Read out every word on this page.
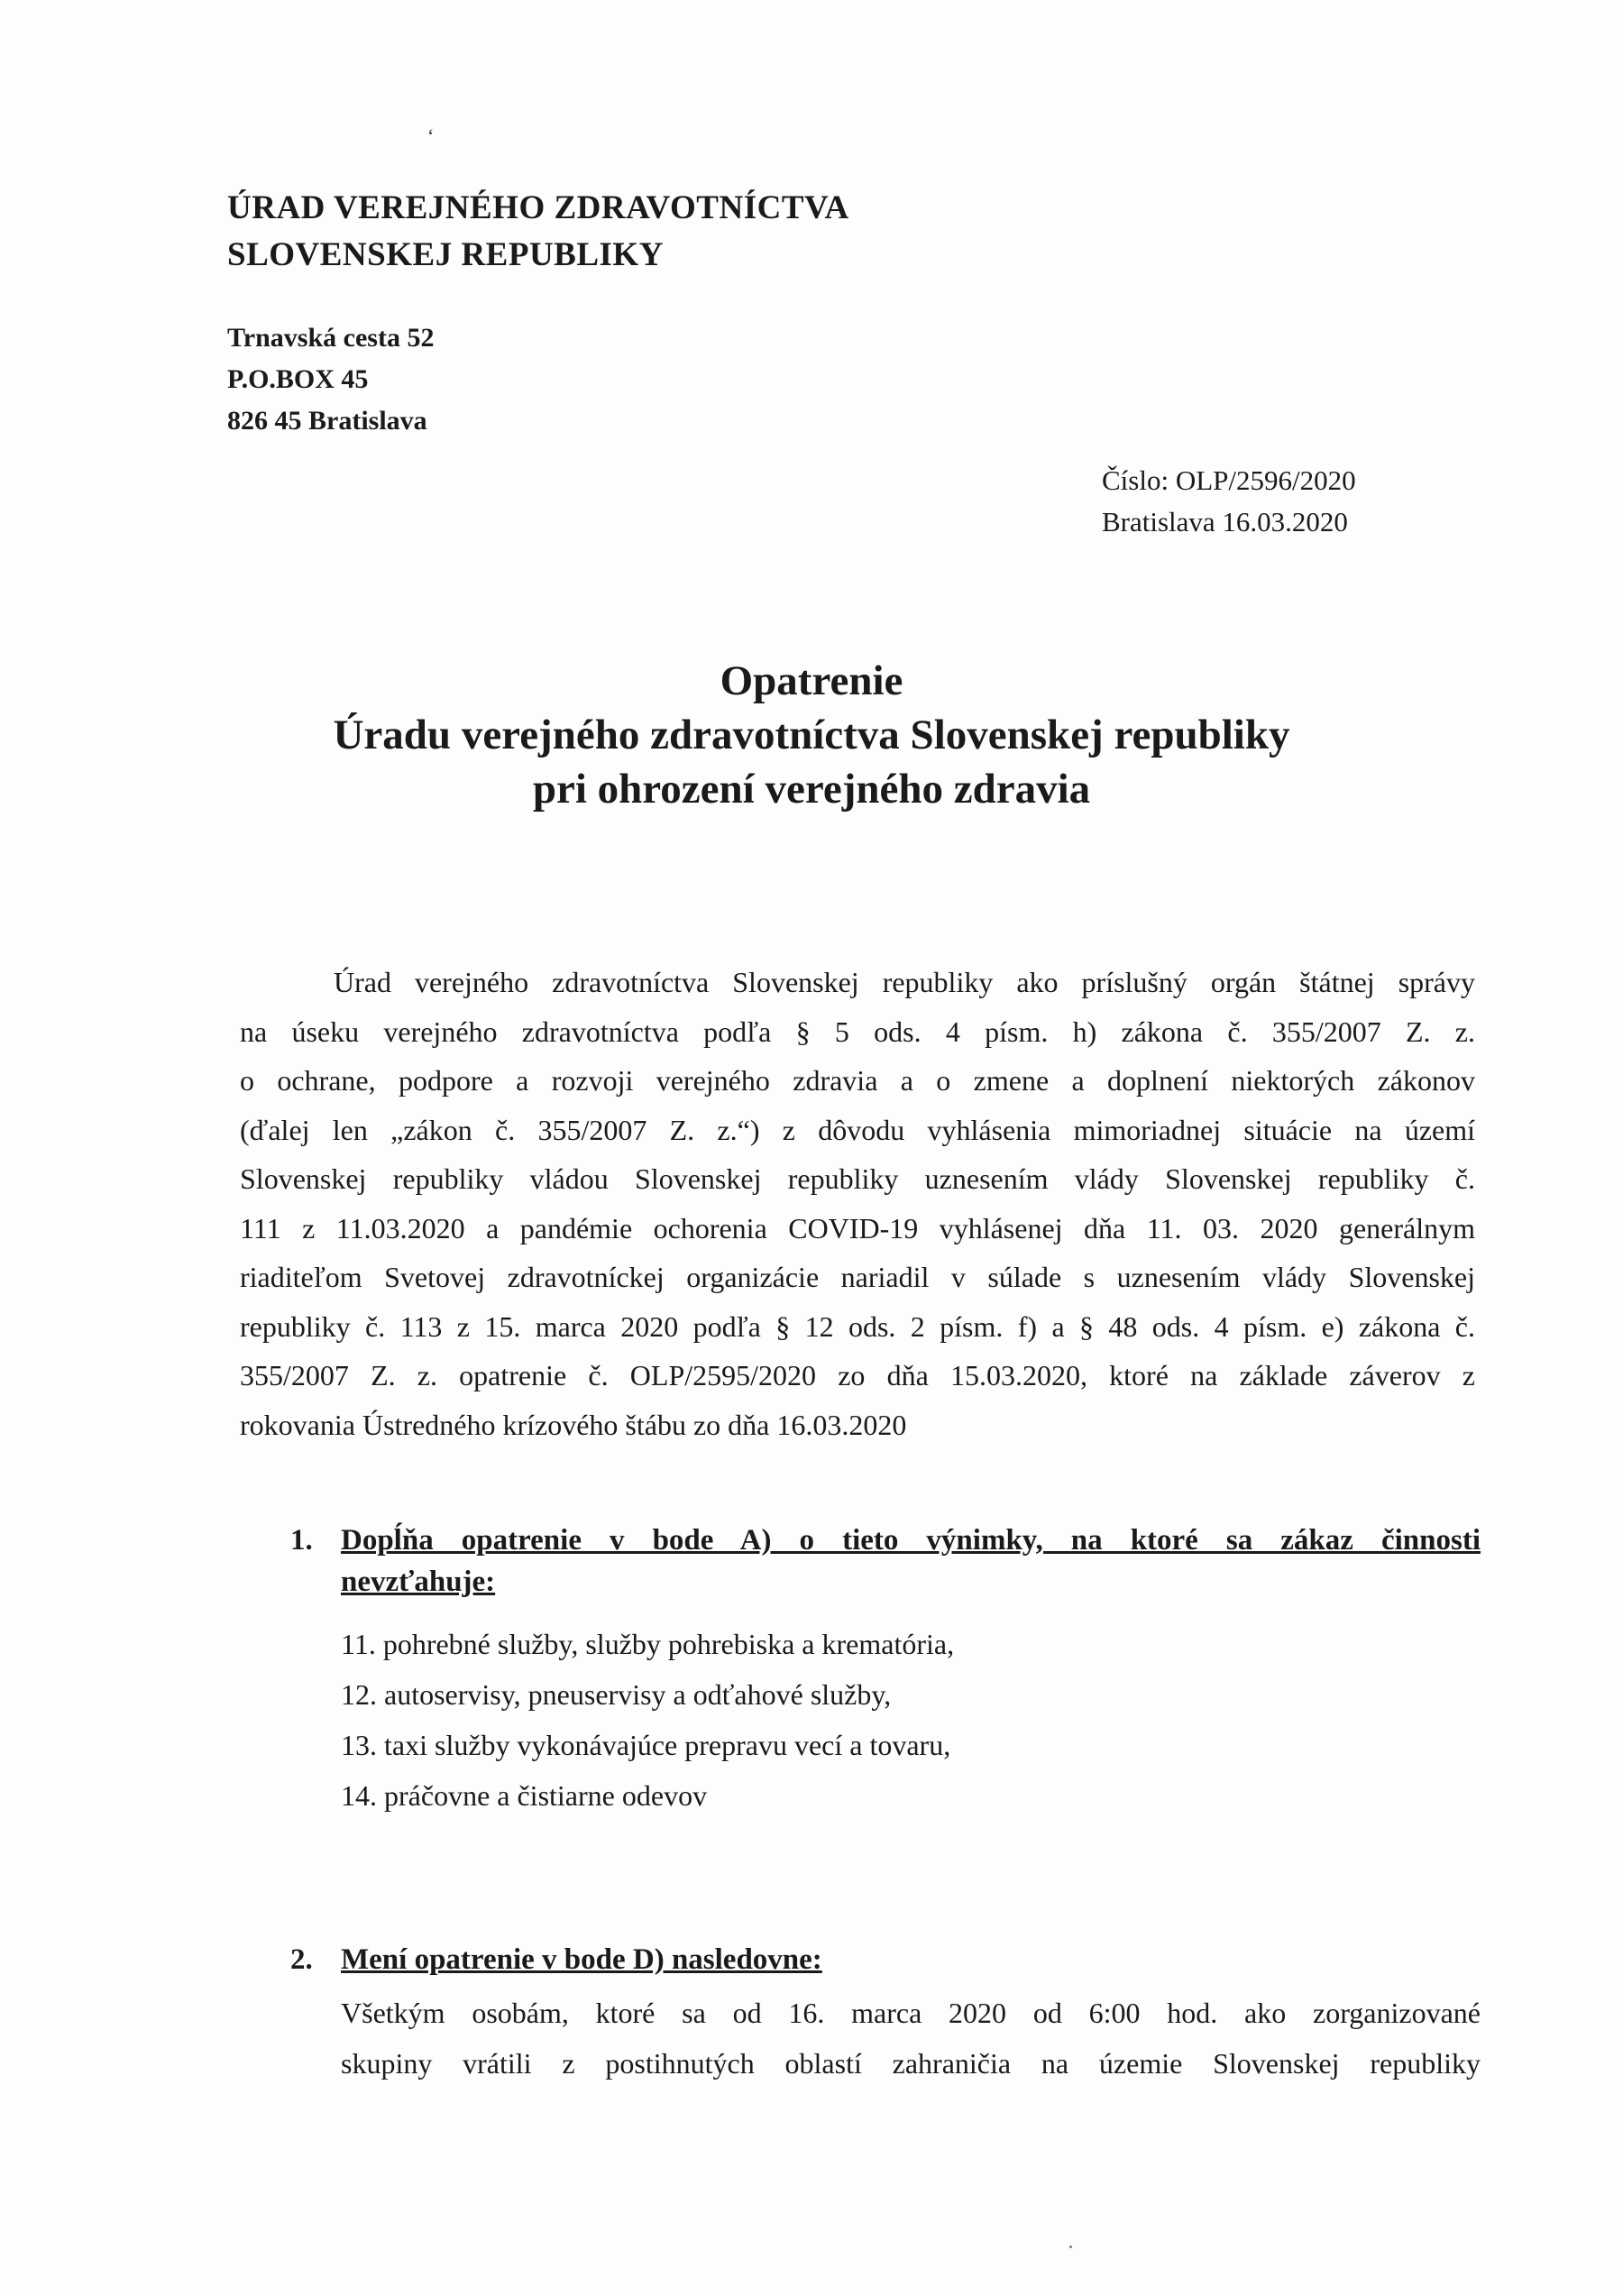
‘
ÚRAD VEREJNÉHO ZDRAVOTNÍCTVA
SLOVENSKEJ REPUBLIKY
Trnavská cesta 52
P.O.BOX 45
826 45 Bratislava
Číslo: OLP/2596/2020
Bratislava 16.03.2020
Opatrenie
Úradu verejného zdravotníctva Slovenskej republiky
pri ohrození verejného zdravia
Úrad verejného zdravotníctva Slovenskej republiky ako príslušný orgán štátnej správy
na úseku verejného zdravotníctva podľa § 5 ods. 4 písm. h) zákona č. 355/2007 Z. z.
o ochrane, podpore a rozvoji verejného zdravia a o zmene a doplnení niektorých zákonov
(ďalej len „zákon č. 355/2007 Z. z.“) z dôvodu vyhlásenia mimoriadnej situácie na území
Slovenskej republiky vládou Slovenskej republiky uznesením vlády Slovenskej republiky č.
111 z 11.03.2020 a pandémie ochorenia COVID-19 vyhlásenej dňa 11. 03. 2020 generálnym
riaditeľom Svetovej zdravotníckej organizácie nariadil v súlade s uznesením vlády Slovenskej
republiky č. 113 z 15. marca 2020 podľa § 12 ods. 2 písm. f) a § 48 ods. 4 písm. e) zákona č.
355/2007 Z. z. opatrenie č. OLP/2595/2020 zo dňa 15.03.2020, ktoré na základe záverov z
rokovania Ústredného krízového štábu zo dňa 16.03.2020
1. Dopĺňa opatrenie v bode A) o tieto výnimky, na ktoré sa zákaz činnosti
nevzťahuje:
11. pohrebné služby, služby pohrebiska a krematória,
12. autoservisy, pneuservisy a odťahové služby,
13. taxi služby vykonávajúce prepravu vecí a tovaru,
14. práčovne a čistiarne odevov
2. Mení opatrenie v bode D) nasledovne:
Všetkým osobám, ktoré sa od 16. marca 2020 od 6:00 hod. ako zorganizované
skupiny vrátili z postihnutých oblastí zahraničia na územie Slovenskej republiky
